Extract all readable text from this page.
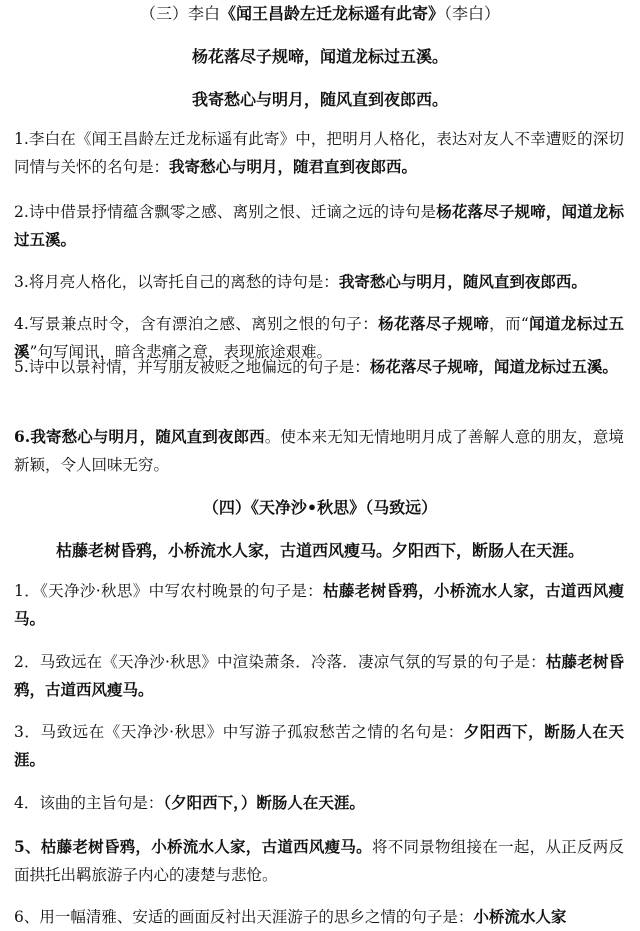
（三）李白《闻王昌龄左迁龙标遥有此寄》（李白）

杨花落尽子规啼，闻道龙标过五溪。

我寄愁心与明月，随风直到夜郎西。

1.李白在《闻王昌龄左迁龙标遥有此寄》中，把明月人格化，表达对友人不幸遭贬的深切同情与关怀的名句是：我寄愁心与明月，随君直到夜郎西。

2.诗中借景抒情蕴含飘零之感、离别之恨、迁谪之远的诗句是杨花落尽子规啼，闻道龙标过五溪。

3.将月亮人格化，以寄托自己的离愁的诗句是：我寄愁心与明月，随风直到夜郎西。

4.写景兼点时令，含有漂泊之感、离别之恨的句子：杨花落尽子规啼，而“闻道龙标过五溪”句写闻讯，暗含悲痛之意，表现旅途艰难。

5.诗中以景衬情，并写朋友被贬之地偏远的句子是：杨花落尽子规啼，闻道龙标过五溪。

6.我寄愁心与明月，随风直到夜郎西。使本来无知无情地明月成了善解人意的朋友，意境新颖，令人回味无穷。

（四）《天净沙•秋思》（马致远）

枯藤老树昏鸦，小桥流水人家，古道西风瘦马。夕阳西下，断肠人在天涯。

1．《天净沙·秋思》中写农村晚景的句子是：枯藤老树昏鸦，小桥流水人家，古道西风瘦马。

2．马致远在《天净沙·秋思》中渲染萧条．冷落．凄凉气氛的写景的句子是：枯藤老树昏鸦，古道西风瘦马。

3．马致远在《天净沙·秋思》中写游子孤寂愁苦之情的名句是：夕阳西下，断肠人在天涯。

4．该曲的主旨句是：（夕阳西下，）断肠人在天涯。

5、枯藤老树昏鸦，小桥流水人家，古道西风瘦马。将不同景物组接在一起，从正反两反面拱托出羁旅游子内心的凄楚与悲怆。

6、用一幅清雅、安适的画面反衬出天涯游子的思乡之情的句子是：小桥流水人家
